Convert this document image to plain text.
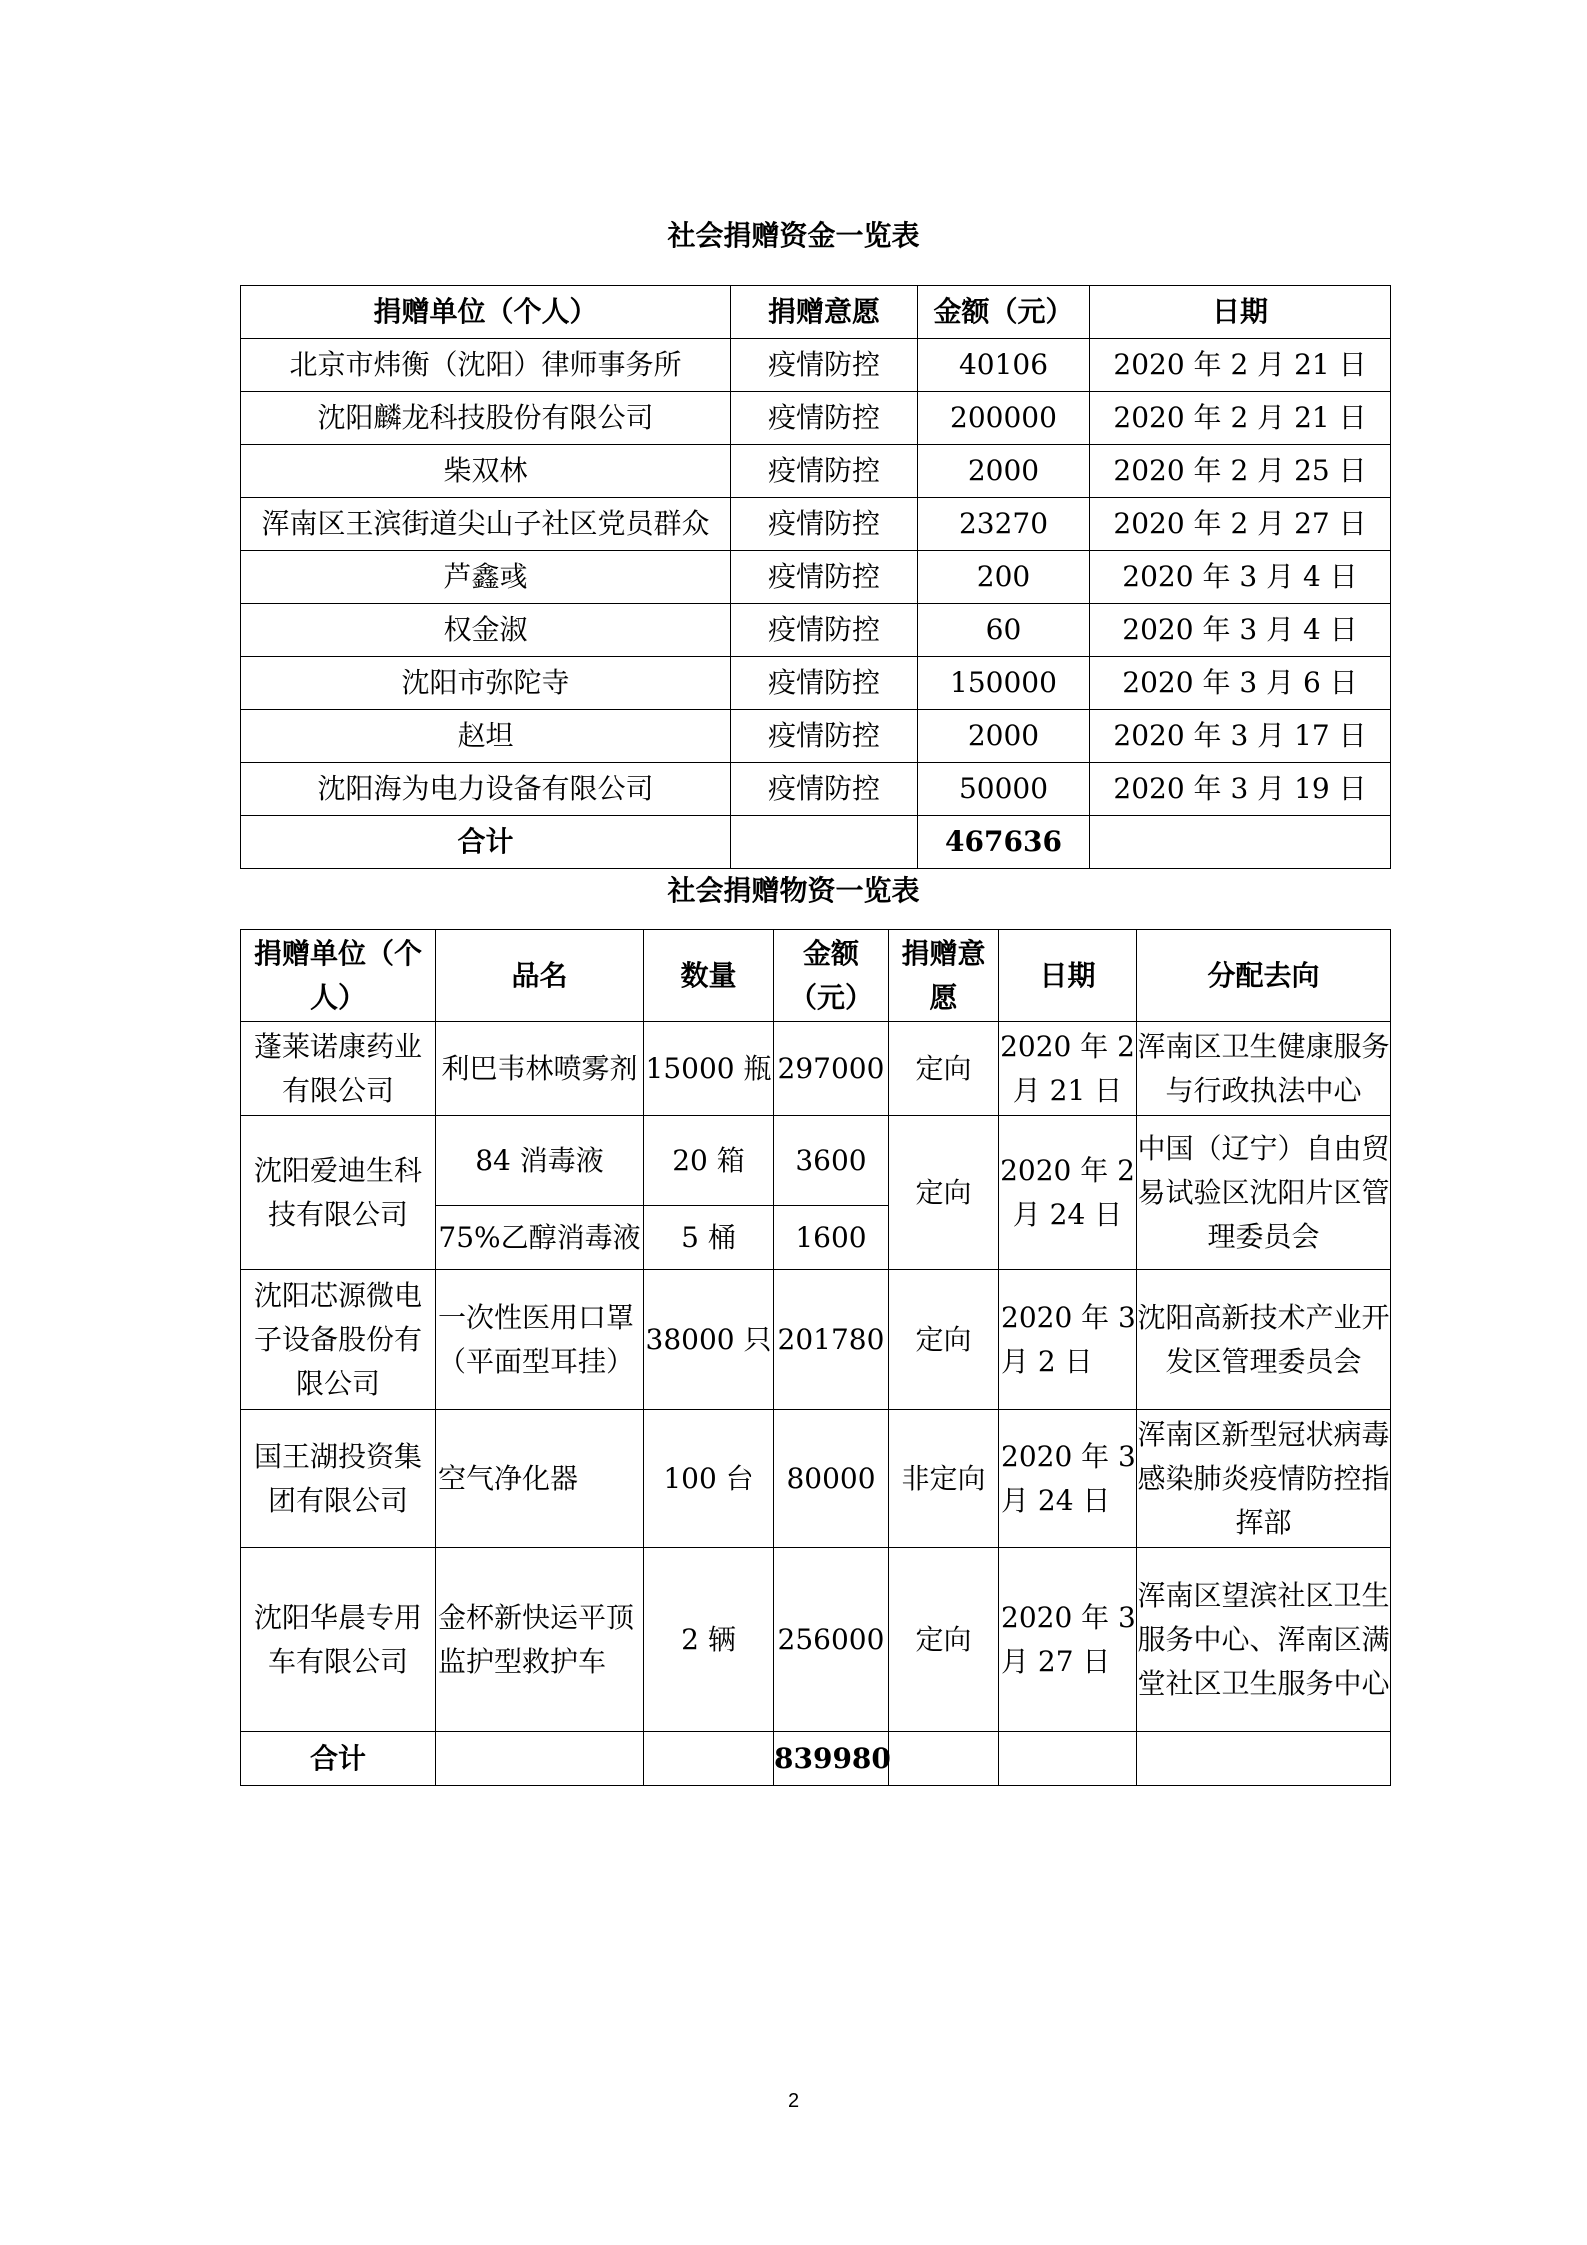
社会捐赠资金一览表
捐赠单位（个人）	捐赠意愿	金额（元）	日期
北京市炜衡（沈阳）律师事务所	疫情防控	40106	2020 年 2 月 21 日
沈阳麟龙科技股份有限公司	疫情防控	200000	2020 年 2 月 21 日
柴双林	疫情防控	2000	2020 年 2 月 25 日
浑南区王滨街道尖山子社区党员群众	疫情防控	23270	2020 年 2 月 27 日
芦鑫彧	疫情防控	200	2020 年 3 月 4 日
权金淑	疫情防控	60	2020 年 3 月 4 日
沈阳市弥陀寺	疫情防控	150000	2020 年 3 月 6 日
赵坦	疫情防控	2000	2020 年 3 月 17 日
沈阳海为电力设备有限公司	疫情防控	50000	2020 年 3 月 19 日
合计		467636	
社会捐赠物资一览表
捐赠单位（个人）	品名	数量	金额（元）	捐赠意愿	日期	分配去向
蓬莱诺康药业有限公司	利巴韦林喷雾剂	15000 瓶	297000	定向	2020 年 2 月 21 日	浑南区卫生健康服务与行政执法中心
沈阳爱迪生科技有限公司	84 消毒液	20 箱	3600	定向	2020 年 2 月 24 日	中国（辽宁）自由贸易试验区沈阳片区管理委员会
	75%乙醇消毒液	5 桶	1600			
沈阳芯源微电子设备股份有限公司	一次性医用口罩（平面型耳挂）	38000 只	201780	定向	2020 年 3 月 2 日	沈阳高新技术产业开发区管理委员会
国王湖投资集团有限公司	空气净化器	100 台	80000	非定向	2020 年 3 月 24 日	浑南区新型冠状病毒感染肺炎疫情防控指挥部
沈阳华晨专用车有限公司	金杯新快运平顶监护型救护车	2 辆	256000	定向	2020 年 3 月 27 日	浑南区望滨社区卫生服务中心、浑南区满堂社区卫生服务中心
合计			839980			
2
